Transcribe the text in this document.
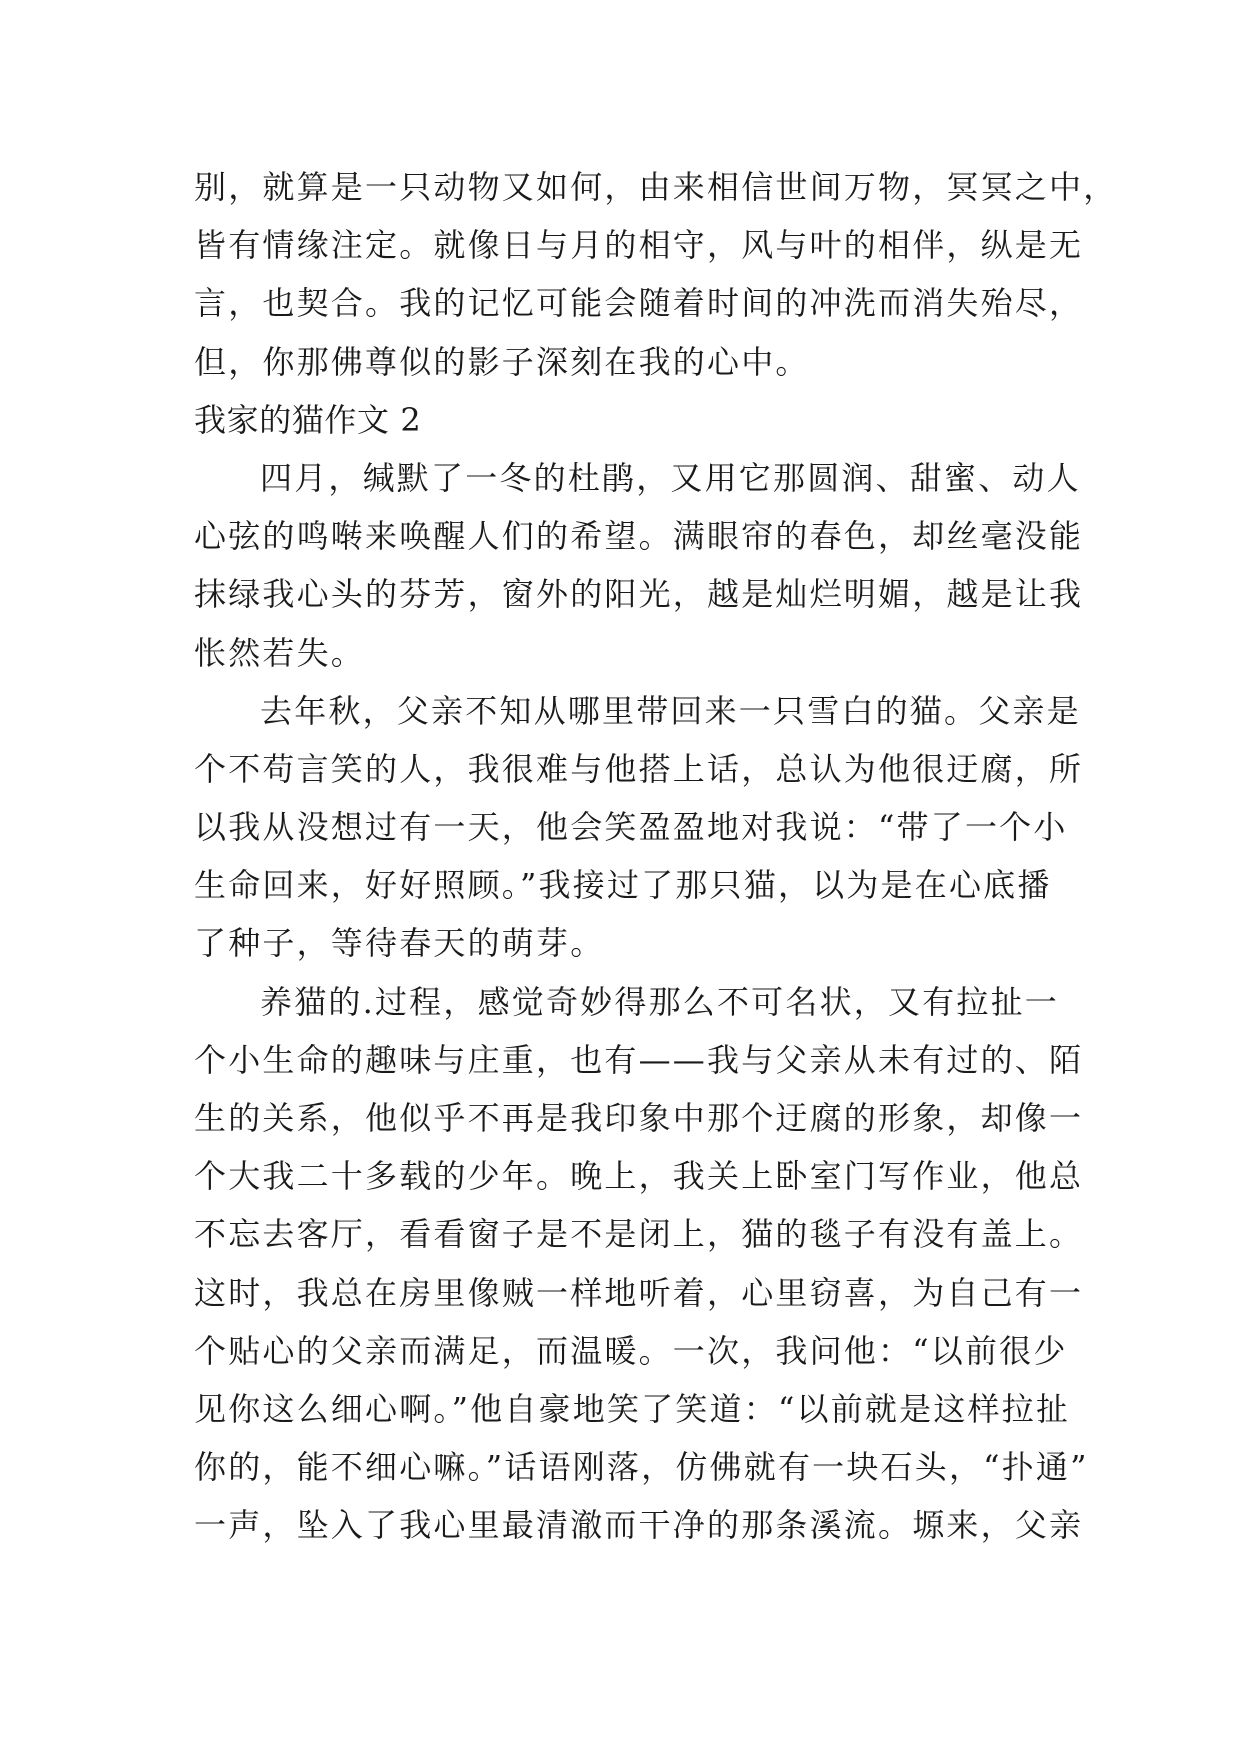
别，就算是一只动物又如何，由来相信世间万物，冥冥之中，
皆有情缘注定。就像日与月的相守，风与叶的相伴，纵是无
言，也契合。我的记忆可能会随着时间的冲洗而消失殆尽，
但，你那佛尊似的影子深刻在我的心中。
我家的猫作文 2
四月，缄默了一冬的杜鹃，又用它那圆润、甜蜜、动人
心弦的鸣啭来唤醒人们的希望。满眼帘的春色，却丝毫没能
抹绿我心头的芬芳，窗外的阳光，越是灿烂明媚，越是让我
怅然若失。
去年秋，父亲不知从哪里带回来一只雪白的猫。父亲是
个不苟言笑的人，我很难与他搭上话，总认为他很迂腐，所
以我从没想过有一天，他会笑盈盈地对我说：“带了一个小
生命回来，好好照顾。”我接过了那只猫，以为是在心底播
了种子，等待春天的萌芽。
养猫的.过程，感觉奇妙得那么不可名状，又有拉扯一
个小生命的趣味与庄重，也有——我与父亲从未有过的、陌
生的关系，他似乎不再是我印象中那个迂腐的形象，却像一
个大我二十多载的少年。晚上，我关上卧室门写作业，他总
不忘去客厅，看看窗子是不是闭上，猫的毯子有没有盖上。
这时，我总在房里像贼一样地听着，心里窃喜，为自己有一
个贴心的父亲而满足，而温暖。一次，我问他：“以前很少
见你这么细心啊。”他自豪地笑了笑道：“以前就是这样拉扯
你的，能不细心嘛。”话语刚落，仿佛就有一块石头，“扑通”
一声，坠入了我心里最清澈而干净的那条溪流。塬来，父亲
